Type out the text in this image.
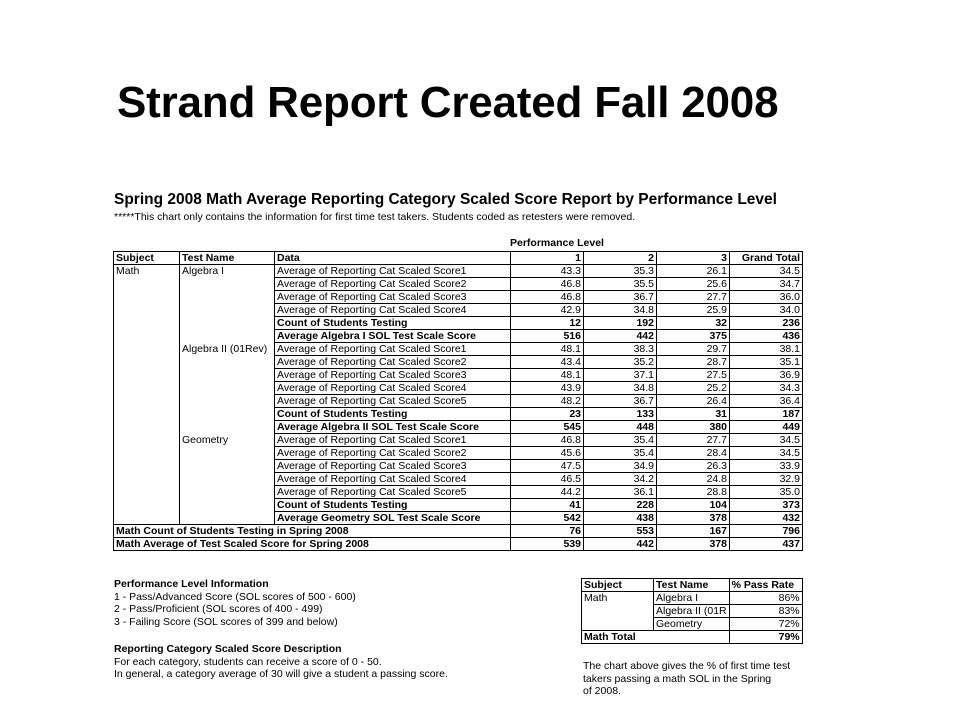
Strand Report Created Fall 2008
Spring 2008 Math Average Reporting Category Scaled Score Report by Performance Level
*****This chart only contains the information for first time test takers. Students coded as retesters were removed.
Performance Level
Subject	Test Name	Data	1	2	3	Grand Total
Math	Algebra I	Average of Reporting Cat Scaled Score1	43.3	35.3	26.1	34.5
		Average of Reporting Cat Scaled Score2	46.8	35.5	25.6	34.7
		Average of Reporting Cat Scaled Score3	46.8	36.7	27.7	36.0
		Average of Reporting Cat Scaled Score4	42.9	34.8	25.9	34.0
		Count of Students Testing	12	192	32	236
		Average Algebra I SOL Test Scale Score	516	442	375	436
	Algebra II (01Rev)	Average of Reporting Cat Scaled Score1	48.1	38.3	29.7	38.1
		Average of Reporting Cat Scaled Score2	43.4	35.2	28.7	35.1
		Average of Reporting Cat Scaled Score3	48.1	37.1	27.5	36.9
		Average of Reporting Cat Scaled Score4	43.9	34.8	25.2	34.3
		Average of Reporting Cat Scaled Score5	48.2	36.7	26.4	36.4
		Count of Students Testing	23	133	31	187
		Average Algebra II SOL Test Scale Score	545	448	380	449
	Geometry	Average of Reporting Cat Scaled Score1	46.8	35.4	27.7	34.5
		Average of Reporting Cat Scaled Score2	45.6	35.4	28.4	34.5
		Average of Reporting Cat Scaled Score3	47.5	34.9	26.3	33.9
		Average of Reporting Cat Scaled Score4	46.5	34.2	24.8	32.9
		Average of Reporting Cat Scaled Score5	44.2	36.1	28.8	35.0
		Count of Students Testing	41	228	104	373
		Average Geometry SOL Test Scale Score	542	438	378	432
Math Count of Students Testing in Spring 2008			76	553	167	796
Math Average of Test Scaled Score for Spring 2008			539	442	378	437
Performance Level Information
1 - Pass/Advanced Score (SOL scores of 500 - 600)
2 - Pass/Proficient (SOL scores of 400 - 499)
3 - Failing Score (SOL scores of 399 and below)
Reporting Category Scaled Score Description
For each category, students can receive a score of 0 - 50.
In general, a category average of 30 will give a student a passing score.
Subject	Test Name	% Pass Rate
Math	Algebra I	86%
	Algebra II (01R	83%
	Geometry	72%
Math Total		79%
The chart above gives the % of first time test
takers passing a math SOL in the Spring
of 2008.
